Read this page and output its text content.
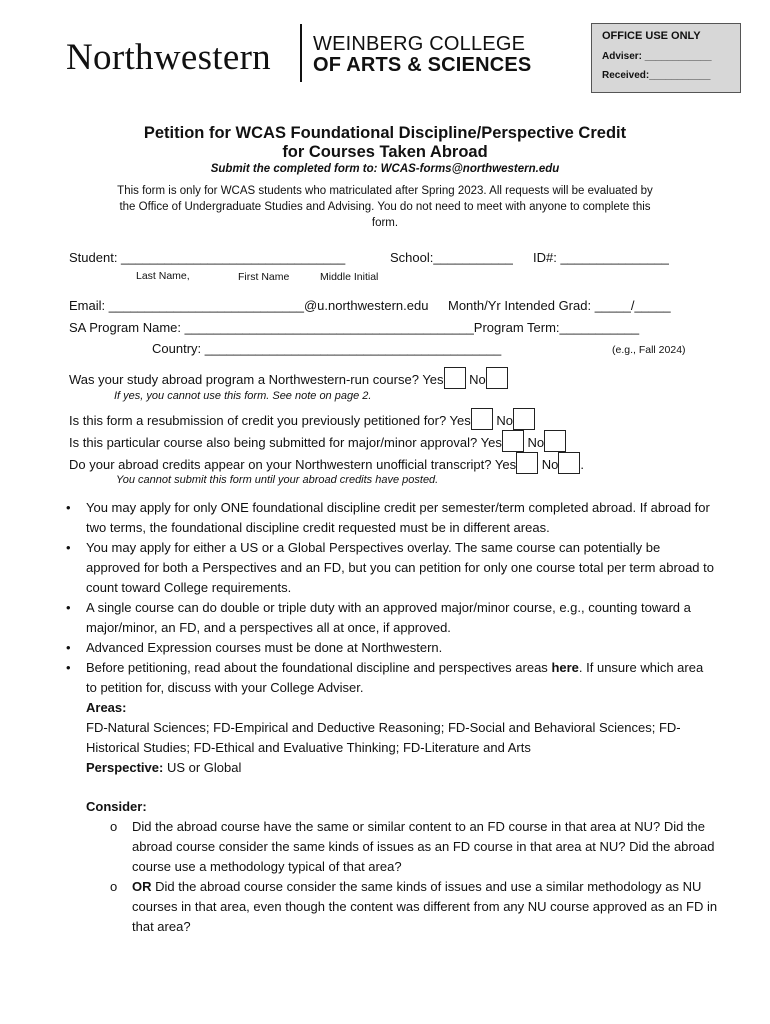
Northwestern WEINBERG COLLEGE
OF ARTS & SCIENCES
OFFICE USE ONLY
Adviser: ____________
Received:___________
Petition for WCAS Foundational Discipline/Perspective Credit
for Courses Taken Abroad
Submit the completed form to: WCAS-forms@northwestern.edu
This form is only for WCAS students who matriculated after Spring 2023. All requests will be evaluated by the Office of Undergraduate Studies and Advising. You do not need to meet with anyone to complete this form.
Student: _______________________________	School:___________ ID#: _______________
Last Name,	First Name	Middle Initial
Email: ___________________________@u.northwestern.edu Month/Yr Intended Grad: _____/_____
SA Program Name: ________________________________________Program Term:___________
Country: _________________________________________	(e.g., Fall 2024)
Was your study abroad program a Northwestern-run course? Yes No
If yes, you cannot use this form. See note on page 2.
Is this form a resubmission of credit you previously petitioned for? Yes No
Is this particular course also being submitted for major/minor approval? Yes No
Do your abroad credits appear on your Northwestern unofficial transcript? Yes No .
You cannot submit this form until your abroad credits have posted.
• You may apply for only ONE foundational discipline credit per semester/term completed abroad. If abroad for two terms, the foundational discipline credit requested must be in different areas.
• You may apply for either a US or a Global Perspectives overlay. The same course can potentially be approved for both a Perspectives and an FD, but you can petition for only one course total per term abroad to count toward College requirements.
• A single course can do double or triple duty with an approved major/minor course, e.g., counting toward a major/minor, an FD, and a perspectives all at once, if approved.
• Advanced Expression courses must be done at Northwestern.
• Before petitioning, read about the foundational discipline and perspectives areas here. If unsure which area to petition for, discuss with your College Adviser.
Areas:
FD-Natural Sciences; FD-Empirical and Deductive Reasoning; FD-Social and Behavioral Sciences; FD-Historical Studies; FD-Ethical and Evaluative Thinking; FD-Literature and Arts
Perspective: US or Global
Consider:
o Did the abroad course have the same or similar content to an FD course in that area at NU? Did the abroad course consider the same kinds of issues as an FD course in that area at NU? Did the abroad course use a methodology typical of that area?
o OR Did the abroad course consider the same kinds of issues and use a similar methodology as NU courses in that area, even though the content was different from any NU course approved as an FD in that area?
